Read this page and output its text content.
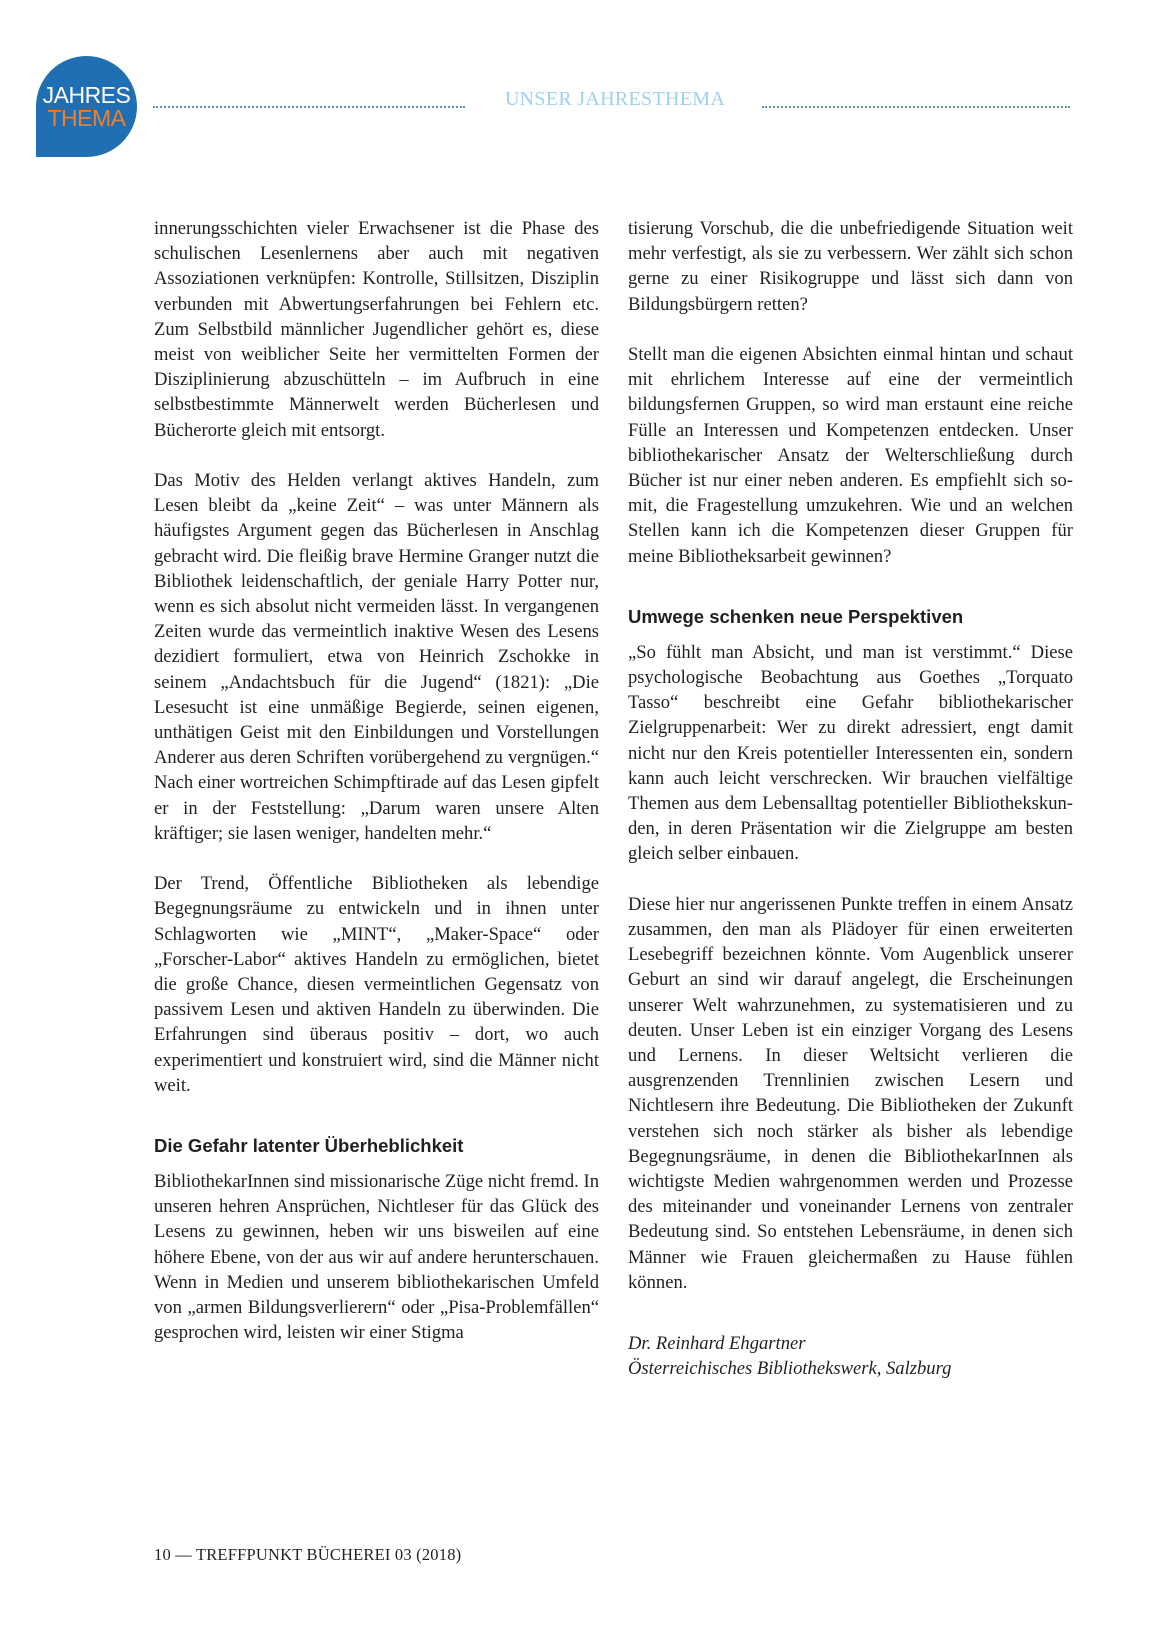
JAHRES
THEMA
UNSER JAHRESTHEMA

innerungsschichten vieler Erwachsener ist die Phase des schulischen Lesenlernens aber auch mit negativen Assoziationen verknüpfen: Kontrolle, Stillsitzen, Disziplin verbunden mit Abwertungserfahrungen bei Fehlern etc. Zum Selbstbild männlicher Jugendlicher gehört es, diese meist von weiblicher Seite her vermittelten Formen der Disziplinierung abzuschütteln – im Aufbruch in eine selbstbestimmte Männerwelt werden Bücherlesen und Bücherorte gleich mit entsorgt.

Das Motiv des Helden verlangt aktives Handeln, zum Lesen bleibt da „keine Zeit“ – was unter Männern als häufigstes Argument gegen das Bücherlesen in Anschlag gebracht wird. Die fleißig brave Hermine Granger nutzt die Bibliothek leidenschaftlich, der geniale Harry Potter nur, wenn es sich absolut nicht vermeiden lässt. In vergangenen Zeiten wurde das vermeintlich inaktive Wesen des Lesens dezidiert formuliert, etwa von Heinrich Zschokke in seinem „Andachtsbuch für die Jugend“ (1821): „Die Lesesucht ist eine unmäßige Begierde, seinen eigenen, unthätigen Geist mit den Einbildungen und Vorstellungen Anderer aus deren Schriften vorübergehend zu vergnügen.“ Nach einer wortreichen Schimpftirade auf das Lesen gipfelt er in der Feststellung: „Darum waren unsere Alten kräftiger; sie lasen weniger, handelten mehr.“

Der Trend, Öffentliche Bibliotheken als lebendige Begegnungsräume zu entwickeln und in ihnen unter Schlagworten wie „MINT“, „Maker-Space“ oder „Forscher-Labor“ aktives Handeln zu ermöglichen, bietet die große Chance, diesen vermeintlichen Gegensatz von passivem Lesen und aktiven Handeln zu überwinden. Die Erfahrungen sind überaus positiv – dort, wo auch experimentiert und konstruiert wird, sind die Männer nicht weit.

Die Gefahr latenter Überheblichkeit

BibliothekarInnen sind missionarische Züge nicht fremd. In unseren hehren Ansprüchen, Nichtleser für das Glück des Lesens zu gewinnen, heben wir uns bisweilen auf eine höhere Ebene, von der aus wir auf andere herunterschauen. Wenn in Medien und unserem bibliothekarischen Umfeld von „armen Bildungsverlierern“ oder „Pisa-Problemfällen“ gesprochen wird, leisten wir einer Stigma

tisierung Vorschub, die die unbefriedigende Situation weit mehr verfestigt, als sie zu verbessern. Wer zählt sich schon gerne zu einer Risikogruppe und lässt sich dann von Bildungsbürgern retten?

Stellt man die eigenen Absichten einmal hintan und schaut mit ehrlichem Interesse auf eine der vermeintlich bildungsfernen Gruppen, so wird man erstaunt eine reiche Fülle an Interessen und Kompetenzen entdecken. Unser bibliothekarischer Ansatz der Welterschließung durch Bücher ist nur einer neben anderen. Es empfiehlt sich somit, die Fragestellung umzukehren. Wie und an welchen Stellen kann ich die Kompetenzen dieser Gruppen für meine Bibliotheksarbeit gewinnen?

Umwege schenken neue Perspektiven

„So fühlt man Absicht, und man ist verstimmt.“ Diese psychologische Beobachtung aus Goethes „Torquato Tasso“ beschreibt eine Gefahr bibliothekarischer Zielgruppenarbeit: Wer zu direkt adressiert, engt damit nicht nur den Kreis potentieller Interessenten ein, sondern kann auch leicht verschrecken. Wir brauchen vielfältige Themen aus dem Lebensalltag potentieller Bibliothekskunden, in deren Präsentation wir die Zielgruppe am besten gleich selber einbauen.

Diese hier nur angerissenen Punkte treffen in einem Ansatz zusammen, den man als Plädoyer für einen erweiterten Lesebegriff bezeichnen könnte. Vom Augenblick unserer Geburt an sind wir darauf angelegt, die Erscheinungen unserer Welt wahrzunehmen, zu systematisieren und zu deuten. Unser Leben ist ein einziger Vorgang des Lesens und Lernens. In dieser Weltsicht verlieren die ausgrenzenden Trennlinien zwischen Lesern und Nichtlesern ihre Bedeutung. Die Bibliotheken der Zukunft verstehen sich noch stärker als bisher als lebendige Begegnungsräume, in denen die BibliothekarInnen als wichtigste Medien wahrgenommen werden und Prozesse des miteinander und voneinander Lernens von zentraler Bedeutung sind. So entstehen Lebensräume, in denen sich Männer wie Frauen gleichermaßen zu Hause fühlen können.

Dr. Reinhard Ehgartner
Österreichisches Bibliothekswerk, Salzburg
10 — TREFFPUNKT BÜCHEREI 03 (2018)
